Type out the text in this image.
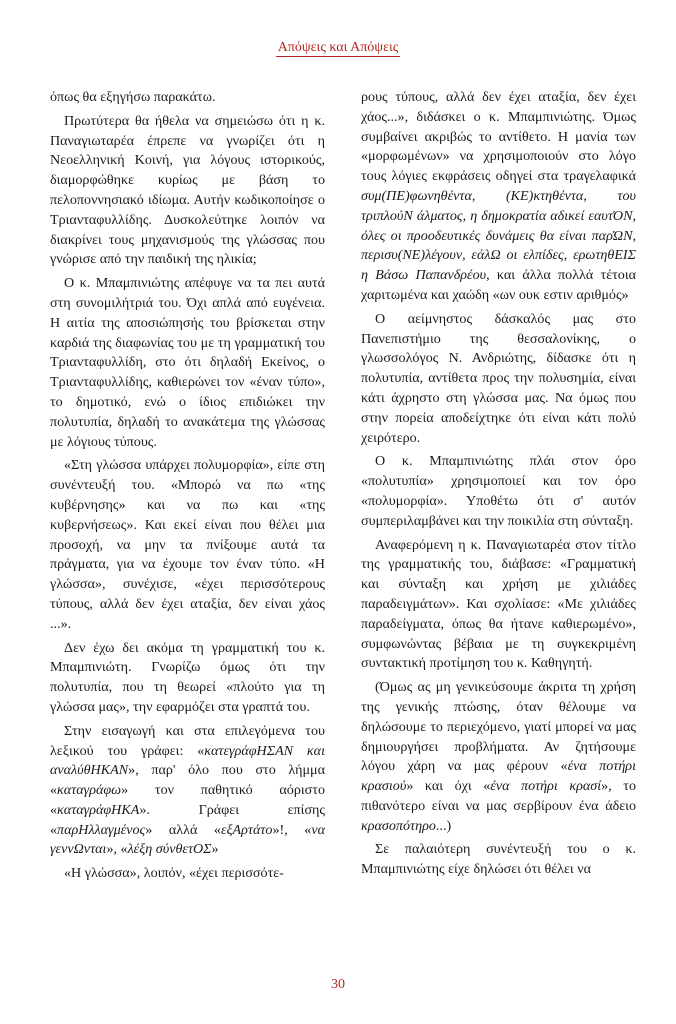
Απόψεις και Απόψεις

όπως θα εξηγήσω παρακάτω.

Πρωτύτερα θα ήθελα να σημειώσω ότι η κ. Παναγιωταρέα έπρεπε να γνωρίζει ότι η Νεοελληνική Κοινή, για λόγους ιστορικούς, διαμορφώθηκε κυρίως με βάση το πελοποννησιακό ιδίωμα. Αυτήν κωδικοποίησε ο Τριανταφυλλίδης. Δυσκολεύτηκε λοιπόν να διακρίνει τους μηχανισμούς της γλώσσας που γνώρισε από την παιδική της ηλικία;

Ο κ. Μπαμπινιώτης απέφυγε να τα πει αυτά στη συνομιλήτριά του. Όχι απλά από ευγένεια. Η αιτία της αποσιώπησής του βρίσκεται στην καρδιά της διαφωνίας του με τη γραμματική του Τριανταφυλλίδη, στο ότι δηλαδή Εκείνος, ο Τριανταφυλλίδης, καθιερώνει τον «έναν τύπο», το δημοτικό, ενώ ο ίδιος επιδιώκει την πολυτυπία, δηλαδή το ανακάτεμα της γλώσσας με λόγιους τύπους.

«Στη γλώσσα υπάρχει πολυμορφία», είπε στη συνέντευξή του. «Μπορώ να πω «της κυβέρνησης» και να πω και «της κυβερνήσεως». Και εκεί είναι που θέλει μια προσοχή, να μην τα πνίξουμε αυτά τα πράγματα, για να έχουμε τον έναν τύπο. «Η γλώσσα», συνέχισε, «έχει περισσότερους τύπους, αλλά δεν έχει αταξία, δεν είναι χάος ...».

Δεν έχω δει ακόμα τη γραμματική του κ. Μπαμπινιώτη. Γνωρίζω όμως ότι την πολυτυπία, που τη θεωρεί «πλούτο για τη γλώσσα μας», την εφαρμόζει στα γραπτά του.

Στην εισαγωγή και στα επιλεγόμενα του λεξικού του γράφει: «κατεγράφΗΣΑΝ και αναλύθΗΚΑΝ», παρ' όλο που στο λήμμα «καταγράφω» τον παθητικό αόριστο «καταγράφΗΚΑ». Γράφει επίσης «παρΗλλαγμένος» αλλά «εξΑρτάτο»!, «να γεννΩνται», «λέξη σύνθετΟΣ»

«Η γλώσσα», λοιπόν, «έχει περισσότε-

ρους τύπους, αλλά δεν έχει αταξία, δεν έχει χάος...», διδάσκει ο κ. Μπαμπινιώτης. Όμως συμβαίνει ακριβώς το αντίθετο. Η μανία των «μορφωμένων» να χρησιμοποιούν στο λόγο τους λόγιες εκφράσεις οδηγεί στα τραγελαφικά συμ(ΠΕ)φωνηθέντα, (ΚΕ)κτηθέντα, του τριπλούΝ άλματος, η δημοκρατία αδικεί εαυτΌΝ, όλες οι προοδευτικές δυνάμεις θα είναι παρΏΝ, περισυ(ΝΕ)λέγουν, εάλΩ οι ελπίδες, ερωτηθΕΙΣ η Βάσω Παπανδρέου, και άλλα πολλά τέτοια χαριτωμένα και χαώδη «ων ουκ εστιν αριθμός»

Ο αείμνηστος δάσκαλός μας στο Πανεπιστήμιο της θεσσαλονίκης, ο γλωσσολόγος Ν. Ανδριώτης, δίδασκε ότι η πολυτυπία, αντίθετα προς την πολυσημία, είναι κάτι άχρηστο στη γλώσσα μας. Να όμως που στην πορεία αποδείχτηκε ότι είναι κάτι πολύ χειρότερο.

Ο κ. Μπαμπινιώτης πλάι στον όρο «πολυτυπία» χρησιμοποιεί και τον όρο «πολυμορφία». Υποθέτω ότι σ' αυτόν συμπεριλαμβάνει και την ποικιλία στη σύνταξη.

Αναφερόμενη η κ. Παναγιωταρέα στον τίτλο της γραμματικής του, διάβασε: «Γραμματική και σύνταξη και χρήση με χιλιάδες παραδειγμάτων». Και σχολίασε: «Με χιλιάδες παραδείγματα, όπως θα ήτανε καθιερωμένο», συμφωνώντας βέβαια με τη συγκεκριμένη συντακτική προτίμηση του κ. Καθηγητή.

(Όμως ας μη γενικεύσουμε άκριτα τη χρήση της γενικής πτώσης, όταν θέλουμε να δηλώσουμε το περιεχόμενο, γιατί μπορεί να μας δημιουργήσει προβλήματα. Αν ζητήσουμε λόγου χάρη να μας φέρουν «ένα ποτήρι κρασιού» και όχι «ένα ποτήρι κρασί», το πιθανότερο είναι να μας σερβίρουν ένα άδειο κρασοπότηρο...)

Σε παλαιότερη συνέντευξή του ο κ. Μπαμπινιώτης είχε δηλώσει ότι θέλει να

30
